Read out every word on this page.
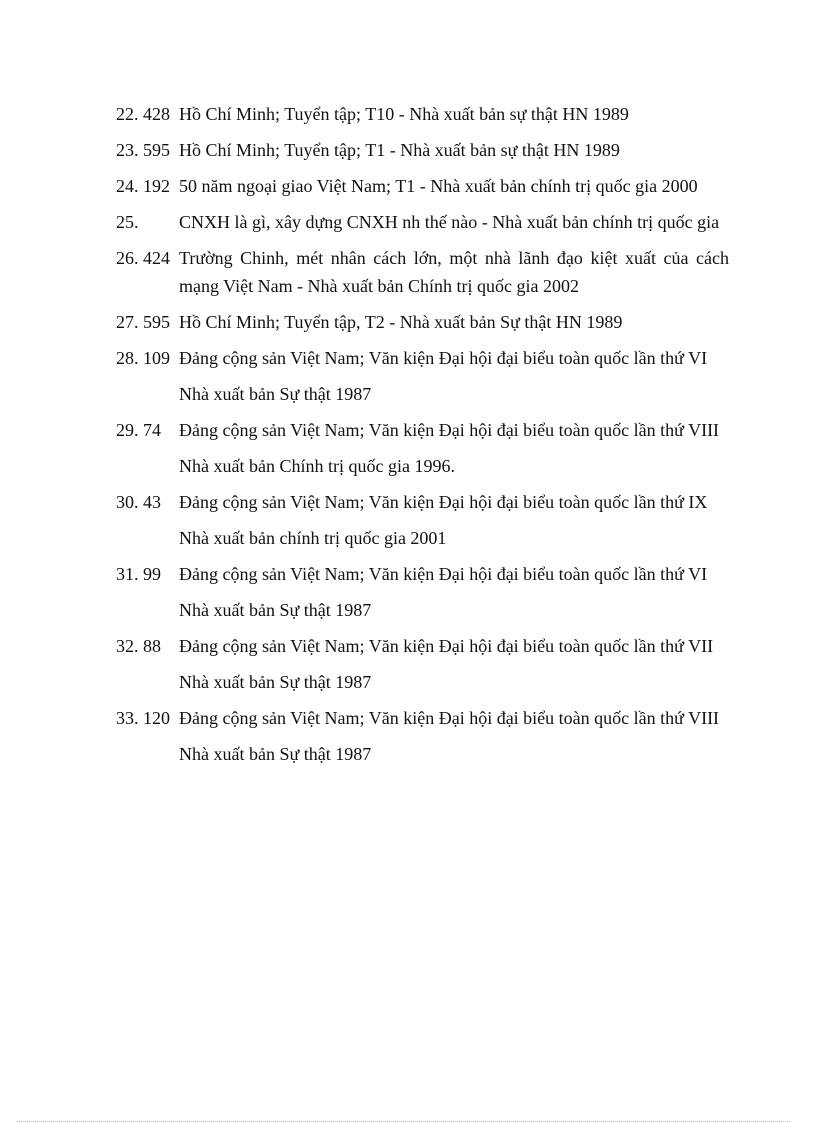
22. 428 Hồ Chí Minh; Tuyển tập; T10 - Nhà xuất bản sự thật HN 1989

23. 595 Hồ Chí Minh; Tuyển tập; T1 - Nhà xuất bản sự thật HN 1989

24. 192 50 năm ngoại giao Việt Nam; T1 - Nhà xuất bản chính trị quốc gia 2000

25.	CNXH là gì, xây dựng CNXH nh thế nào - Nhà xuất bản chính trị quốc gia

26. 424 Trường Chinh, mét nhân cách lớn, một nhà lãnh đạo kiệt xuất của cách mạng Việt Nam - Nhà xuất bản Chính trị quốc gia 2002

27. 595 Hồ Chí Minh; Tuyển tập, T2 - Nhà xuất bản Sự thật HN 1989

28. 109 Đảng cộng sản Việt Nam; Văn kiện Đại hội đại biểu toàn quốc lần thứ VI

Nhà xuất bản Sự thật 1987

29. 74	Đảng cộng sản Việt Nam; Văn kiện Đại hội đại biểu toàn quốc lần thứ VIII

Nhà xuất bản Chính trị quốc gia 1996.

30. 43	Đảng cộng sản Việt Nam; Văn kiện Đại hội đại biểu toàn quốc lần thứ IX

Nhà xuất bản chính trị quốc gia 2001

31. 99	Đảng cộng sản Việt Nam; Văn kiện Đại hội đại biểu toàn quốc lần thứ VI

Nhà xuất bản Sự thật 1987

32. 88	Đảng cộng sản Việt Nam; Văn kiện Đại hội đại biểu toàn quốc lần thứ VII

Nhà xuất bản Sự thật 1987

33. 120 Đảng cộng sản Việt Nam; Văn kiện Đại hội đại biểu toàn quốc lần thứ VIII

Nhà xuất bản Sự thật 1987
